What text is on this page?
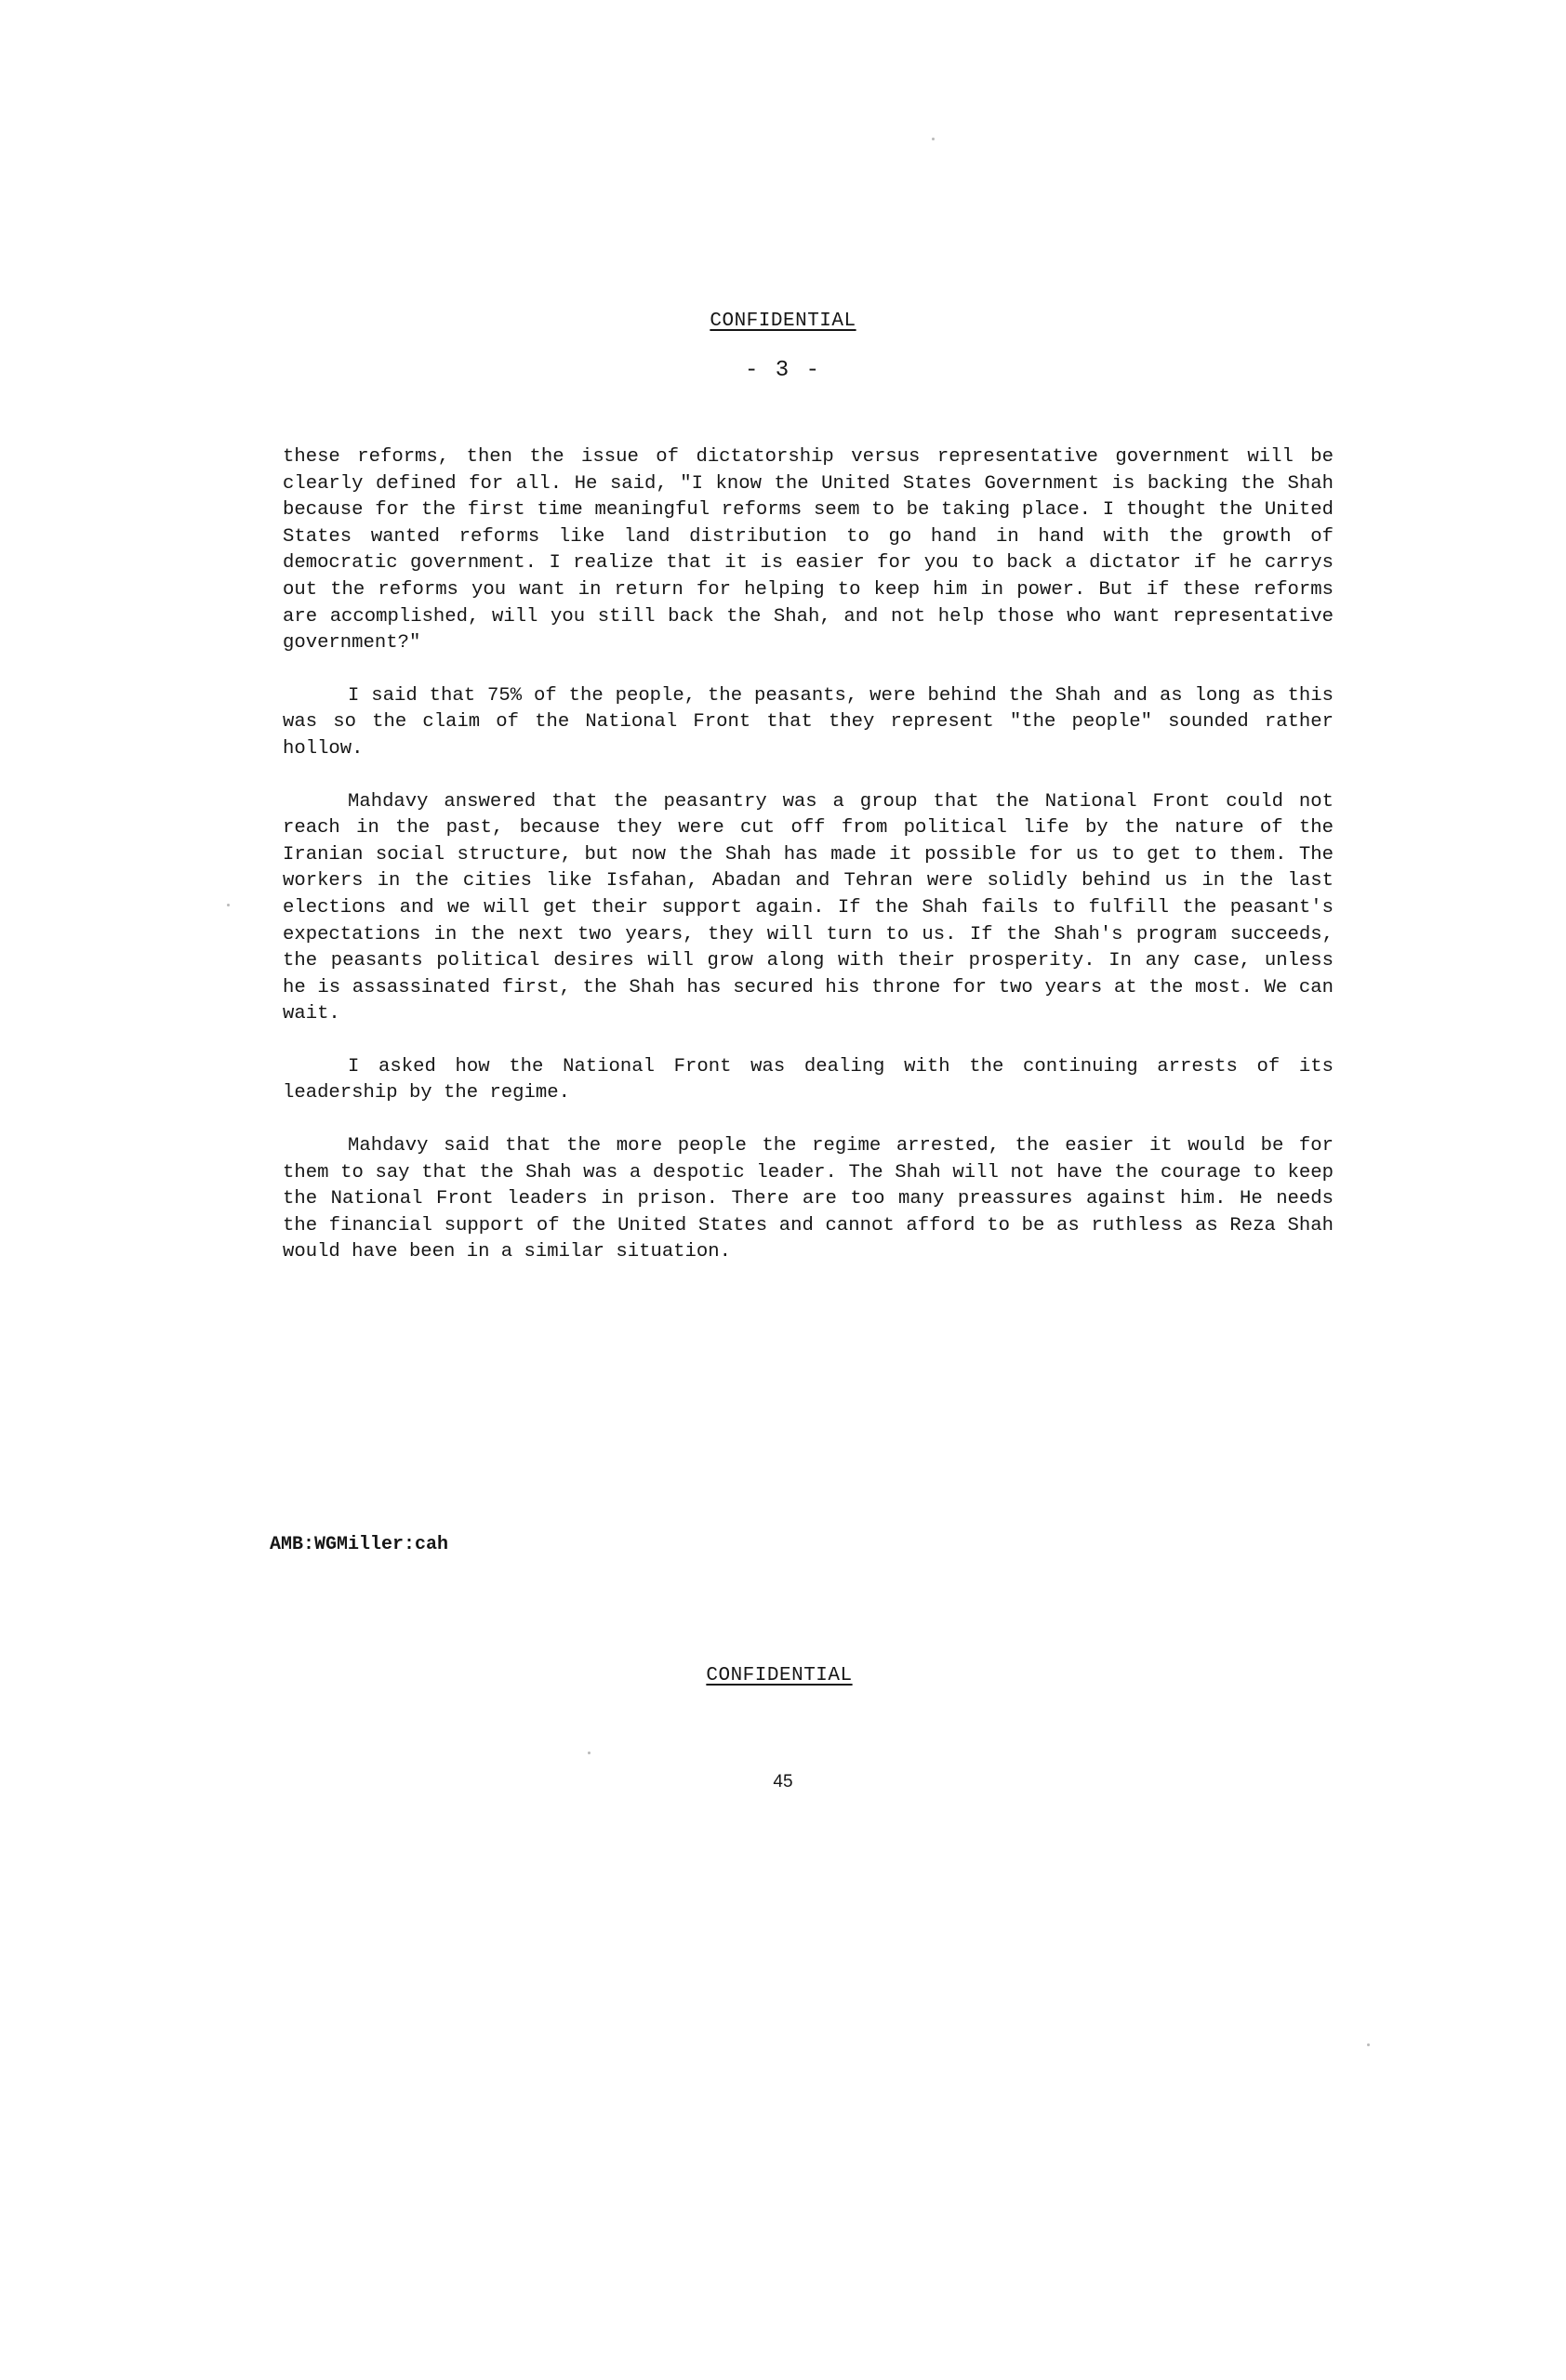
CONFIDENTIAL
- 3 -

these reforms, then the issue of dictatorship versus representative government will be clearly defined for all. He said, "I know the United States Government is backing the Shah because for the first time meaningful reforms seem to be taking place. I thought the United States wanted reforms like land distribution to go hand in hand with the growth of democratic government. I realize that it is easier for you to back a dictator if he carrys out the reforms you want in return for helping to keep him in power. But if these reforms are accomplished, will you still back the Shah, and not help those who want representative government?"

I said that 75% of the people, the peasants, were behind the Shah and as long as this was so the claim of the National Front that they represent "the people" sounded rather hollow.

Mahdavy answered that the peasantry was a group that the National Front could not reach in the past, because they were cut off from political life by the nature of the Iranian social structure, but now the Shah has made it possible for us to get to them. The workers in the cities like Isfahan, Abadan and Tehran were solidly behind us in the last elections and we will get their support again. If the Shah fails to fulfill the peasant's expectations in the next two years, they will turn to us. If the Shah's program succeeds, the peasants political desires will grow along with their prosperity. In any case, unless he is assassinated first, the Shah has secured his throne for two years at the most. We can wait.

I asked how the National Front was dealing with the continuing arrests of its leadership by the regime.

Mahdavy said that the more people the regime arrested, the easier it would be for them to say that the Shah was a despotic leader. The Shah will not have the courage to keep the National Front leaders in prison. There are too many preassures against him. He needs the financial support of the United States and cannot afford to be as ruthless as Reza Shah would have been in a similar situation.

AMB:WGMiller:cah
CONFIDENTIAL
45
